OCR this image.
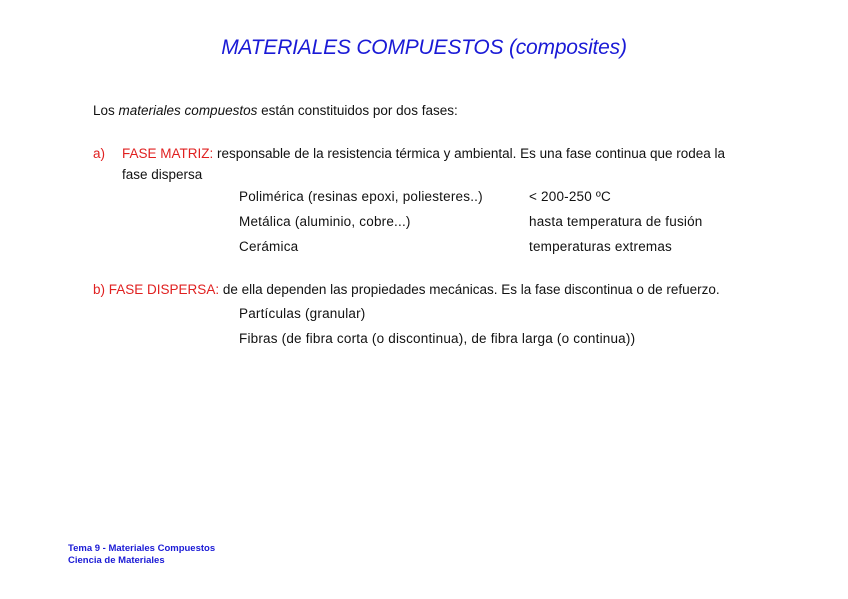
MATERIALES COMPUESTOS (composites)
Los materiales compuestos están constituidos por dos fases:
a) FASE MATRIZ: responsable de la resistencia térmica y ambiental. Es una fase continua que rodea la
fase dispersa
Polimérica (resinas epoxi, poliesteres..)	< 200-250 ºC
Metálica (aluminio, cobre...)	hasta temperatura de fusión
Cerámica	temperaturas extremas
b) FASE DISPERSA: de ella dependen las propiedades mecánicas. Es la fase discontinua o de refuerzo.
Partículas (granular)
Fibras (de fibra corta (o discontinua), de fibra larga (o continua))
Tema 9 - Materiales Compuestos
Ciencia de Materiales
